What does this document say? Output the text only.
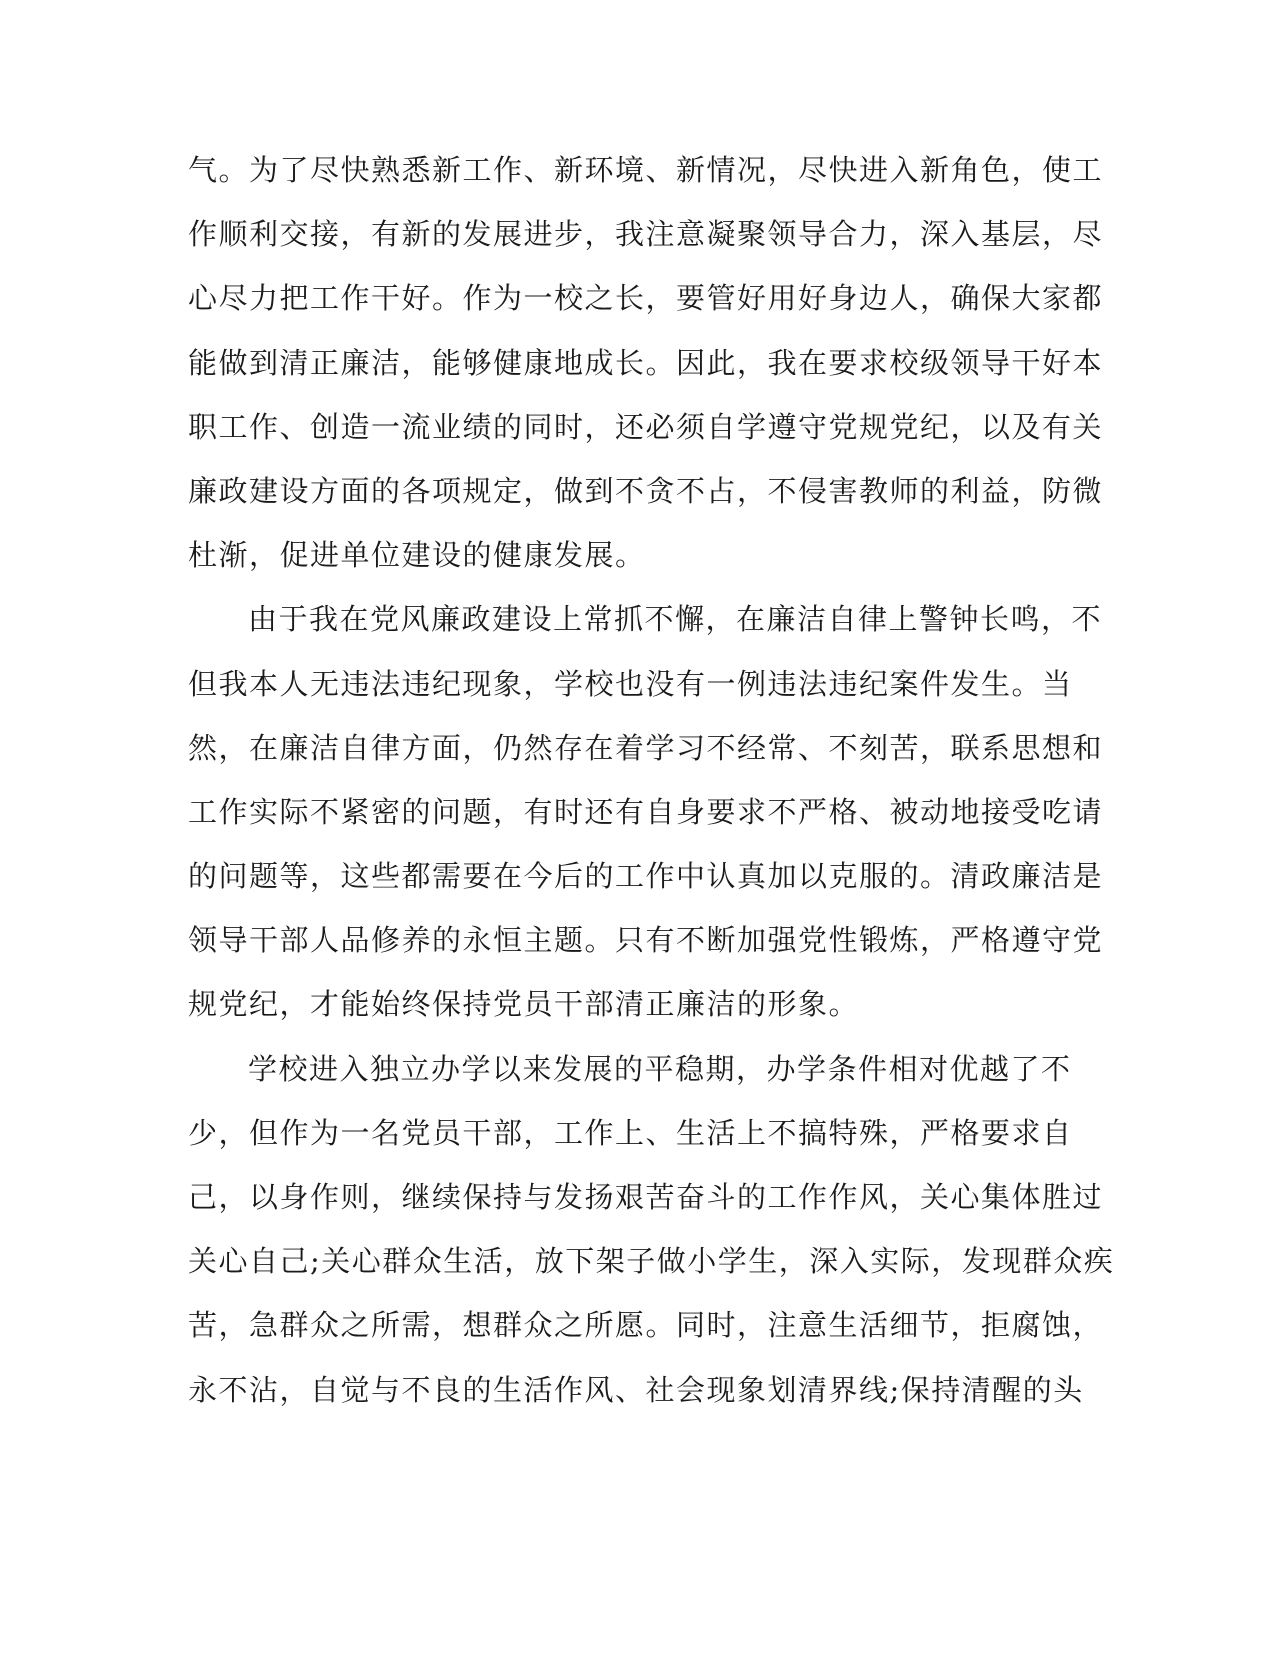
气。为了尽快熟悉新工作、新环境、新情况，尽快进入新角色，使工
作顺利交接，有新的发展进步，我注意凝聚领导合力，深入基层，尽
心尽力把工作干好。作为一校之长，要管好用好身边人，确保大家都
能做到清正廉洁，能够健康地成长。因此，我在要求校级领导干好本
职工作、创造一流业绩的同时，还必须自学遵守党规党纪，以及有关
廉政建设方面的各项规定，做到不贪不占，不侵害教师的利益，防微
杜渐，促进单位建设的健康发展。
由于我在党风廉政建设上常抓不懈，在廉洁自律上警钟长鸣，不
但我本人无违法违纪现象，学校也没有一例违法违纪案件发生。当
然，在廉洁自律方面，仍然存在着学习不经常、不刻苦，联系思想和
工作实际不紧密的问题，有时还有自身要求不严格、被动地接受吃请
的问题等，这些都需要在今后的工作中认真加以克服的。清政廉洁是
领导干部人品修养的永恒主题。只有不断加强党性锻炼，严格遵守党
规党纪，才能始终保持党员干部清正廉洁的形象。
学校进入独立办学以来发展的平稳期，办学条件相对优越了不
少，但作为一名党员干部，工作上、生活上不搞特殊，严格要求自
己，以身作则，继续保持与发扬艰苦奋斗的工作作风，关心集体胜过
关心自己;关心群众生活，放下架子做小学生，深入实际，发现群众疾
苦，急群众之所需，想群众之所愿。同时，注意生活细节，拒腐蚀，
永不沾，自觉与不良的生活作风、社会现象划清界线;保持清醒的头
